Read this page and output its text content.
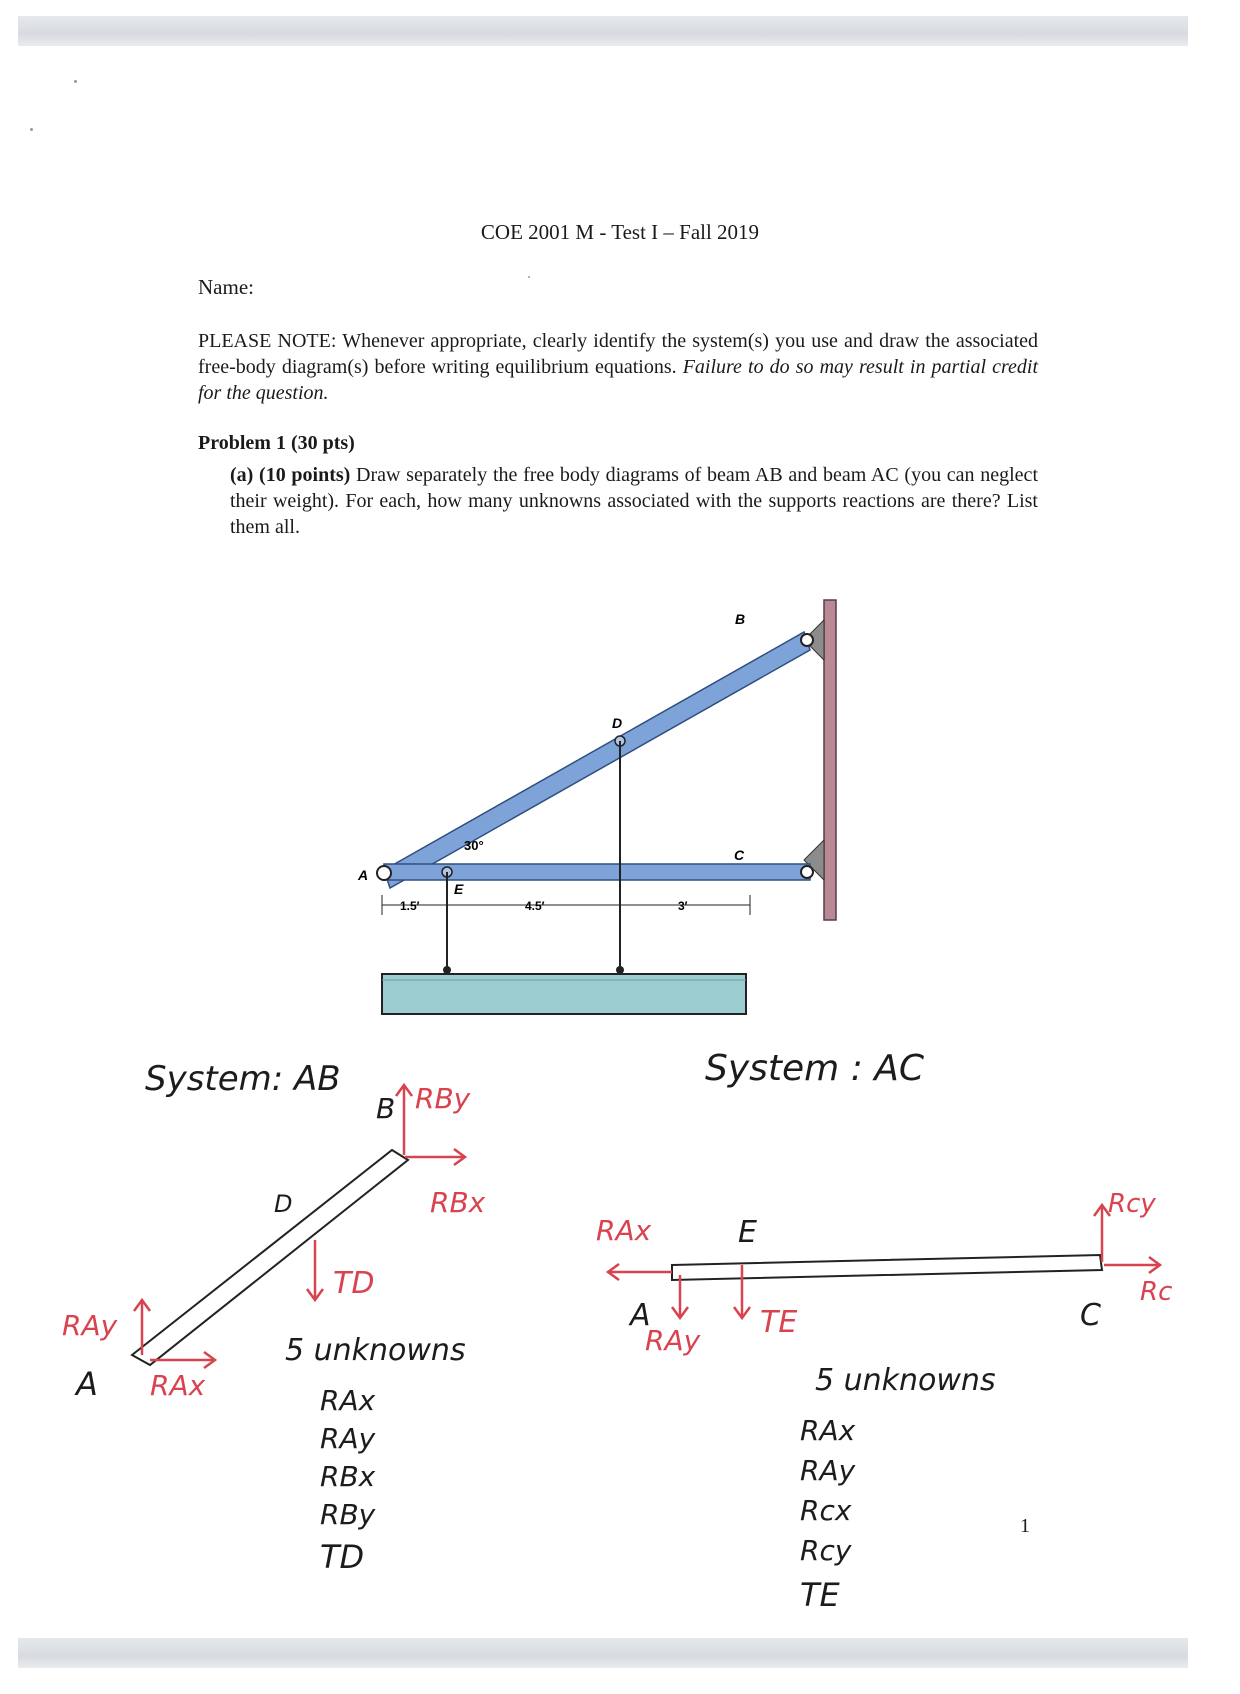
COE 2001 M - Test I – Fall 2019
Name:
PLEASE NOTE: Whenever appropriate, clearly identify the system(s) you use and draw the associated free-body diagram(s) before writing equilibrium equations. Failure to do so may result in partial credit for the question.
Problem 1 (30 pts)
(a) (10 points) Draw separately the free body diagrams of beam AB and beam AC (you can neglect their weight). For each, how many unknowns associated with the supports reactions are there? List them all.
B
D
A
C
E
30°
1.5′	4.5′	3′
1
System: AB
B
D
A
RBy
RBx
TD
RAy
RAx
5 unknowns
RAx
RAy
RBx
RBy
TD
System : AC
A
E
C
RAx
RAy
TE
Rcy
Rc
5 unknowns
RAx
RAy
Rcx
Rcy
TE
